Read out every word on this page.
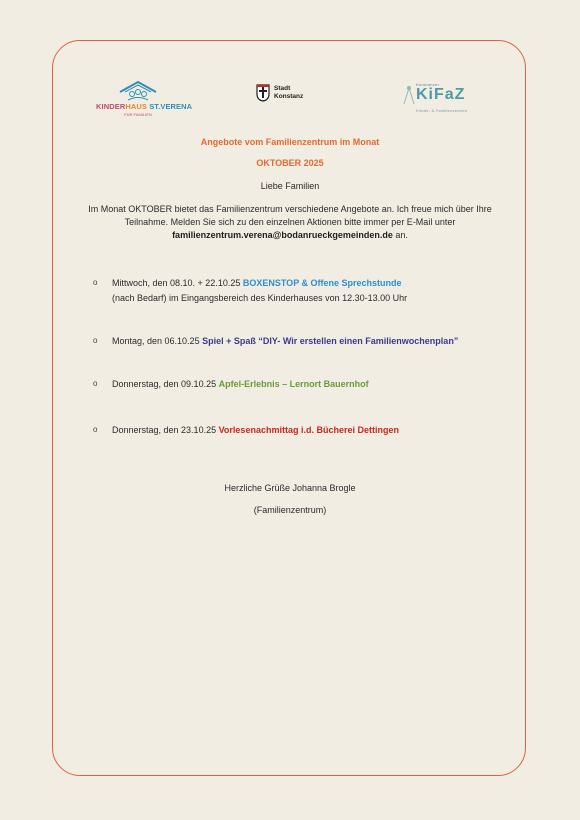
KINDERHAUS ST.VERENA
FÜR FAMILIEN
Stadt
Konstanz
Konstanzer
KiFaZ
Kinder- & Familienzentren
Angebote vom Familienzentrum im Monat
OKTOBER 2025
Liebe Familien
Im Monat OKTOBER bietet das Familienzentrum verschiedene Angebote an. Ich freue mich über Ihre Teilnahme. Melden Sie sich zu den einzelnen Aktionen bitte immer per E-Mail unter familienzentrum.verena@bodanrueckgemeinden.de an.
o Mittwoch, den 08.10. + 22.10.25 BOXENSTOP & Offene Sprechstunde
(nach Bedarf) im Eingangsbereich des Kinderhauses von 12.30-13.00 Uhr
o Montag, den 06.10.25 Spiel + Spaß “DIY- Wir erstellen einen Familienwochenplan”
o Donnerstag, den 09.10.25 Apfel-Erlebnis – Lernort Bauernhof
o Donnerstag, den 23.10.25 Vorlesenachmittag i.d. Bücherei Dettingen
Herzliche Grüße Johanna Brogle
(Familienzentrum)
